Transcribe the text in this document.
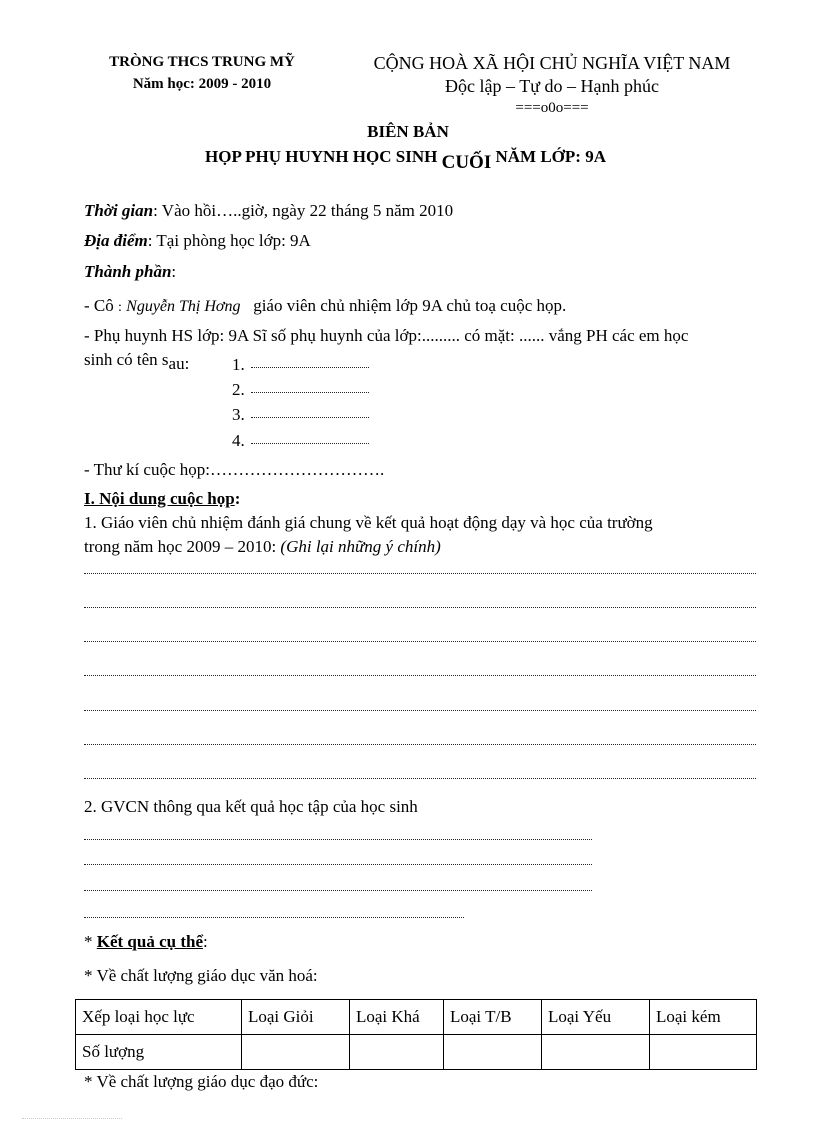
TRÒNG THCS TRUNG MỸ
Năm học: 2009 - 2010
CỘNG HOÀ XÃ HỘI CHỦ NGHĨA VIỆT NAM
Độc lập – Tự do – Hạnh phúc
===o0o===
BIÊN BẢN
HỌP PHỤ HUYNH HỌC SINH CUỐI NĂM LỚP: 9A
Thời gian: Vào hồi…..giờ, ngày 22 tháng 5 năm 2010
Địa điểm: Tại phòng học lớp: 9A
Thành phần:
- Cô : Nguyễn Thị Hơng giáo viên chủ nhiệm lớp 9A chủ toạ cuộc họp.
- Phụ huynh HS lớp: 9A Sĩ số phụ huynh của lớp:......... có mặt: ...... vắng PH các em học
sinh có tên sau:	1.
2.
3.
4.
- Thư kí cuộc họp:………………………….
I. Nội dung cuộc họp:
1. Giáo viên chủ nhiệm đánh giá chung về kết quả hoạt động dạy và học của trường
trong năm học 2009 – 2010: (Ghi lại những ý chính)
2. GVCN thông qua kết quả học tập của học sinh
* Kết quả cụ thể:
* Về chất lượng giáo dục văn hoá:
Xếp loại học lực	Loại Giỏi	Loại Khá	Loại T/B	Loại Yếu	Loại kém
Số lượng					
* Về chất lượng giáo dục đạo đức:
